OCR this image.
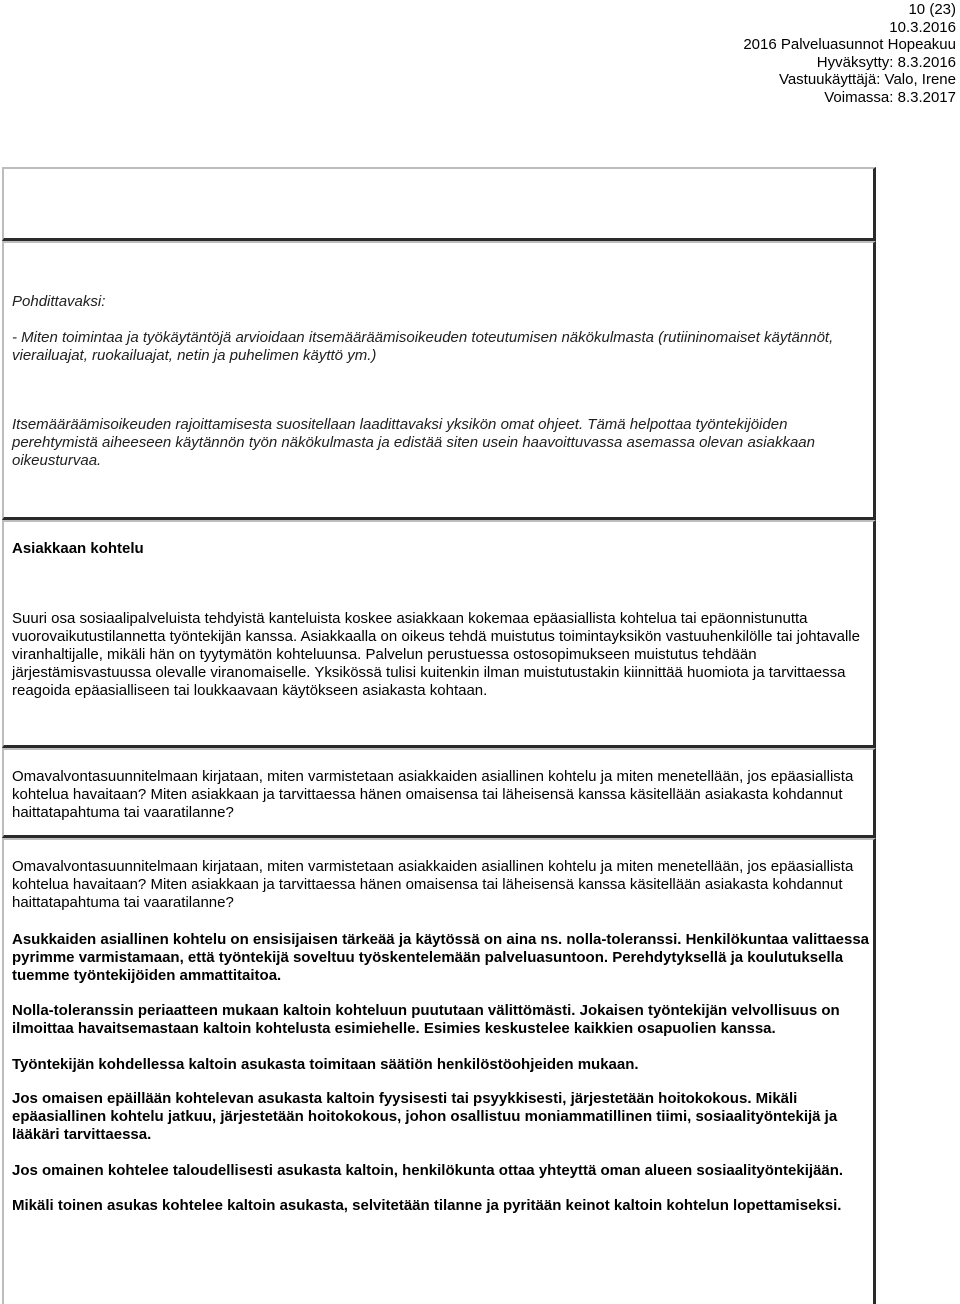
10 (23)
10.3.2016
2016 Palveluasunnot Hopeakuu
Hyväksytty: 8.3.2016
Vastuukäyttäjä: Valo, Irene
Voimassa: 8.3.2017
Pohdittavaksi:
- Miten toimintaa ja työkäytäntöjä arvioidaan itsemääräämisoikeuden toteutumisen näkökulmasta (rutiininomaiset käytännöt,
vierailuajat, ruokailuajat, netin ja puhelimen käyttö ym.)
Itsemääräämisoikeuden rajoittamisesta suositellaan laadittavaksi yksikön omat ohjeet. Tämä helpottaa työntekijöiden
perehtymistä aiheeseen käytännön työn näkökulmasta ja edistää siten usein haavoittuvassa asemassa olevan asiakkaan
oikeusturvaa.
Asiakkaan kohtelu
Suuri osa sosiaalipalveluista tehdyistä kanteluista koskee asiakkaan kokemaa epäasiallista kohtelua tai epäonnistunutta
vuorovaikutustilannetta työntekijän kanssa. Asiakkaalla on oikeus tehdä muistutus toimintayksikön vastuuhenkilölle tai johtavalle
viranhaltijalle, mikäli hän on tyytymätön kohteluunsa. Palvelun perustuessa ostosopimukseen muistutus tehdään
järjestämisvastuussa olevalle viranomaiselle. Yksikössä tulisi kuitenkin ilman muistutustakin kiinnittää huomiota ja tarvittaessa
reagoida epäasialliseen tai loukkaavaan käytökseen asiakasta kohtaan.
Omavalvontasuunnitelmaan kirjataan, miten varmistetaan asiakkaiden asiallinen kohtelu ja miten menetellään, jos epäasiallista
kohtelua havaitaan? Miten asiakkaan ja tarvittaessa hänen omaisensa tai läheisensä kanssa käsitellään asiakasta kohdannut
haittatapahtuma tai vaaratilanne?
Omavalvontasuunnitelmaan kirjataan, miten varmistetaan asiakkaiden asiallinen kohtelu ja miten menetellään, jos epäasiallista
kohtelua havaitaan? Miten asiakkaan ja tarvittaessa hänen omaisensa tai läheisensä kanssa käsitellään asiakasta kohdannut
haittatapahtuma tai vaaratilanne?
Asukkaiden asiallinen kohtelu on ensisijaisen tärkeää ja käytössä on aina ns. nolla-toleranssi. Henkilökuntaa valittaessa
pyrimme varmistamaan, että työntekijä soveltuu työskentelemään palveluasuntoon. Perehdytyksellä ja koulutuksella
tuemme työntekijöiden ammattitaitoa.
Nolla-toleranssin periaatteen mukaan kaltoin kohteluun puututaan välittömästi. Jokaisen työntekijän velvollisuus on
ilmoittaa havaitsemastaan kaltoin kohtelusta esimiehelle. Esimies keskustelee kaikkien osapuolien kanssa.
Työntekijän kohdellessa kaltoin asukasta toimitaan säätiön henkilöstöohjeiden mukaan.
Jos omaisen epäillään kohtelevan asukasta kaltoin fyysisesti tai psyykkisesti, järjestetään hoitokokous. Mikäli
epäasiallinen kohtelu jatkuu, järjestetään hoitokokous, johon osallistuu moniammatillinen tiimi, sosiaalityöntekijä ja
lääkäri tarvittaessa.
Jos omainen kohtelee taloudellisesti asukasta kaltoin, henkilökunta ottaa yhteyttä oman alueen sosiaalityöntekijään.
Mikäli toinen asukas kohtelee kaltoin asukasta, selvitetään tilanne ja pyritään keinot kaltoin kohtelun lopettamiseksi.
